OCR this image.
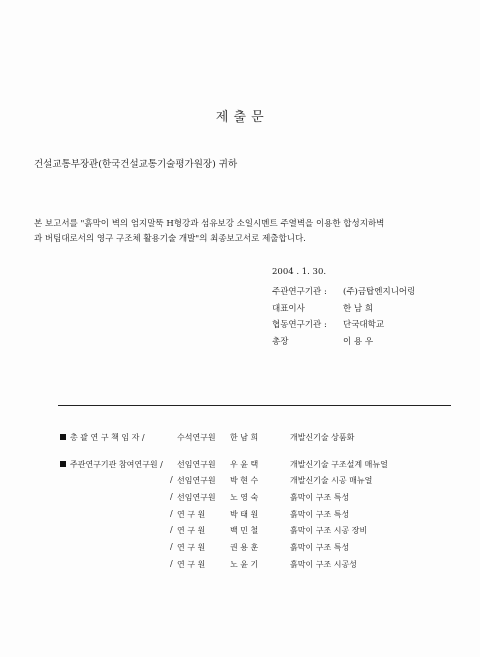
제 출 문
건설교통부장관(한국건설교통기술평가원장) 귀하
본 보고서를 "흙막이 벽의 엄지말뚝 H형강과 섬유보강 소일시멘트 주열벽을 이용한 합성지하벽
과 버팀대로서의 영구 구조체 활용기술 개발"의 최종보고서로 제출합니다.
2004 . 1. 30.
주관연구기관 : (주)금탑엔지니어링
대표이사	한 남 희
협동연구기관 : 단국대학교
총장	이 용 우
총 괄 연 구 책 임 자 /	수석연구원 한 남 희	개발신기술 상품화
주관연구기관 참여연구원 / 선임연구원 우 윤 택	개발신기술 구조설계 매뉴얼
/ 선임연구원 박 현 수	개발신기술 시공 매뉴얼
/ 선임연구원 노 영 숙	흙막이 구조 특성
/ 연 구 원	박 태 원	흙막이 구조 특성
/ 연 구 원	백 민 철	흙막이 구조 시공 장비
/ 연 구 원	권 용 훈	흙막이 구조 특성
/ 연 구 원	노 윤 기	흙막이 구조 시공성
